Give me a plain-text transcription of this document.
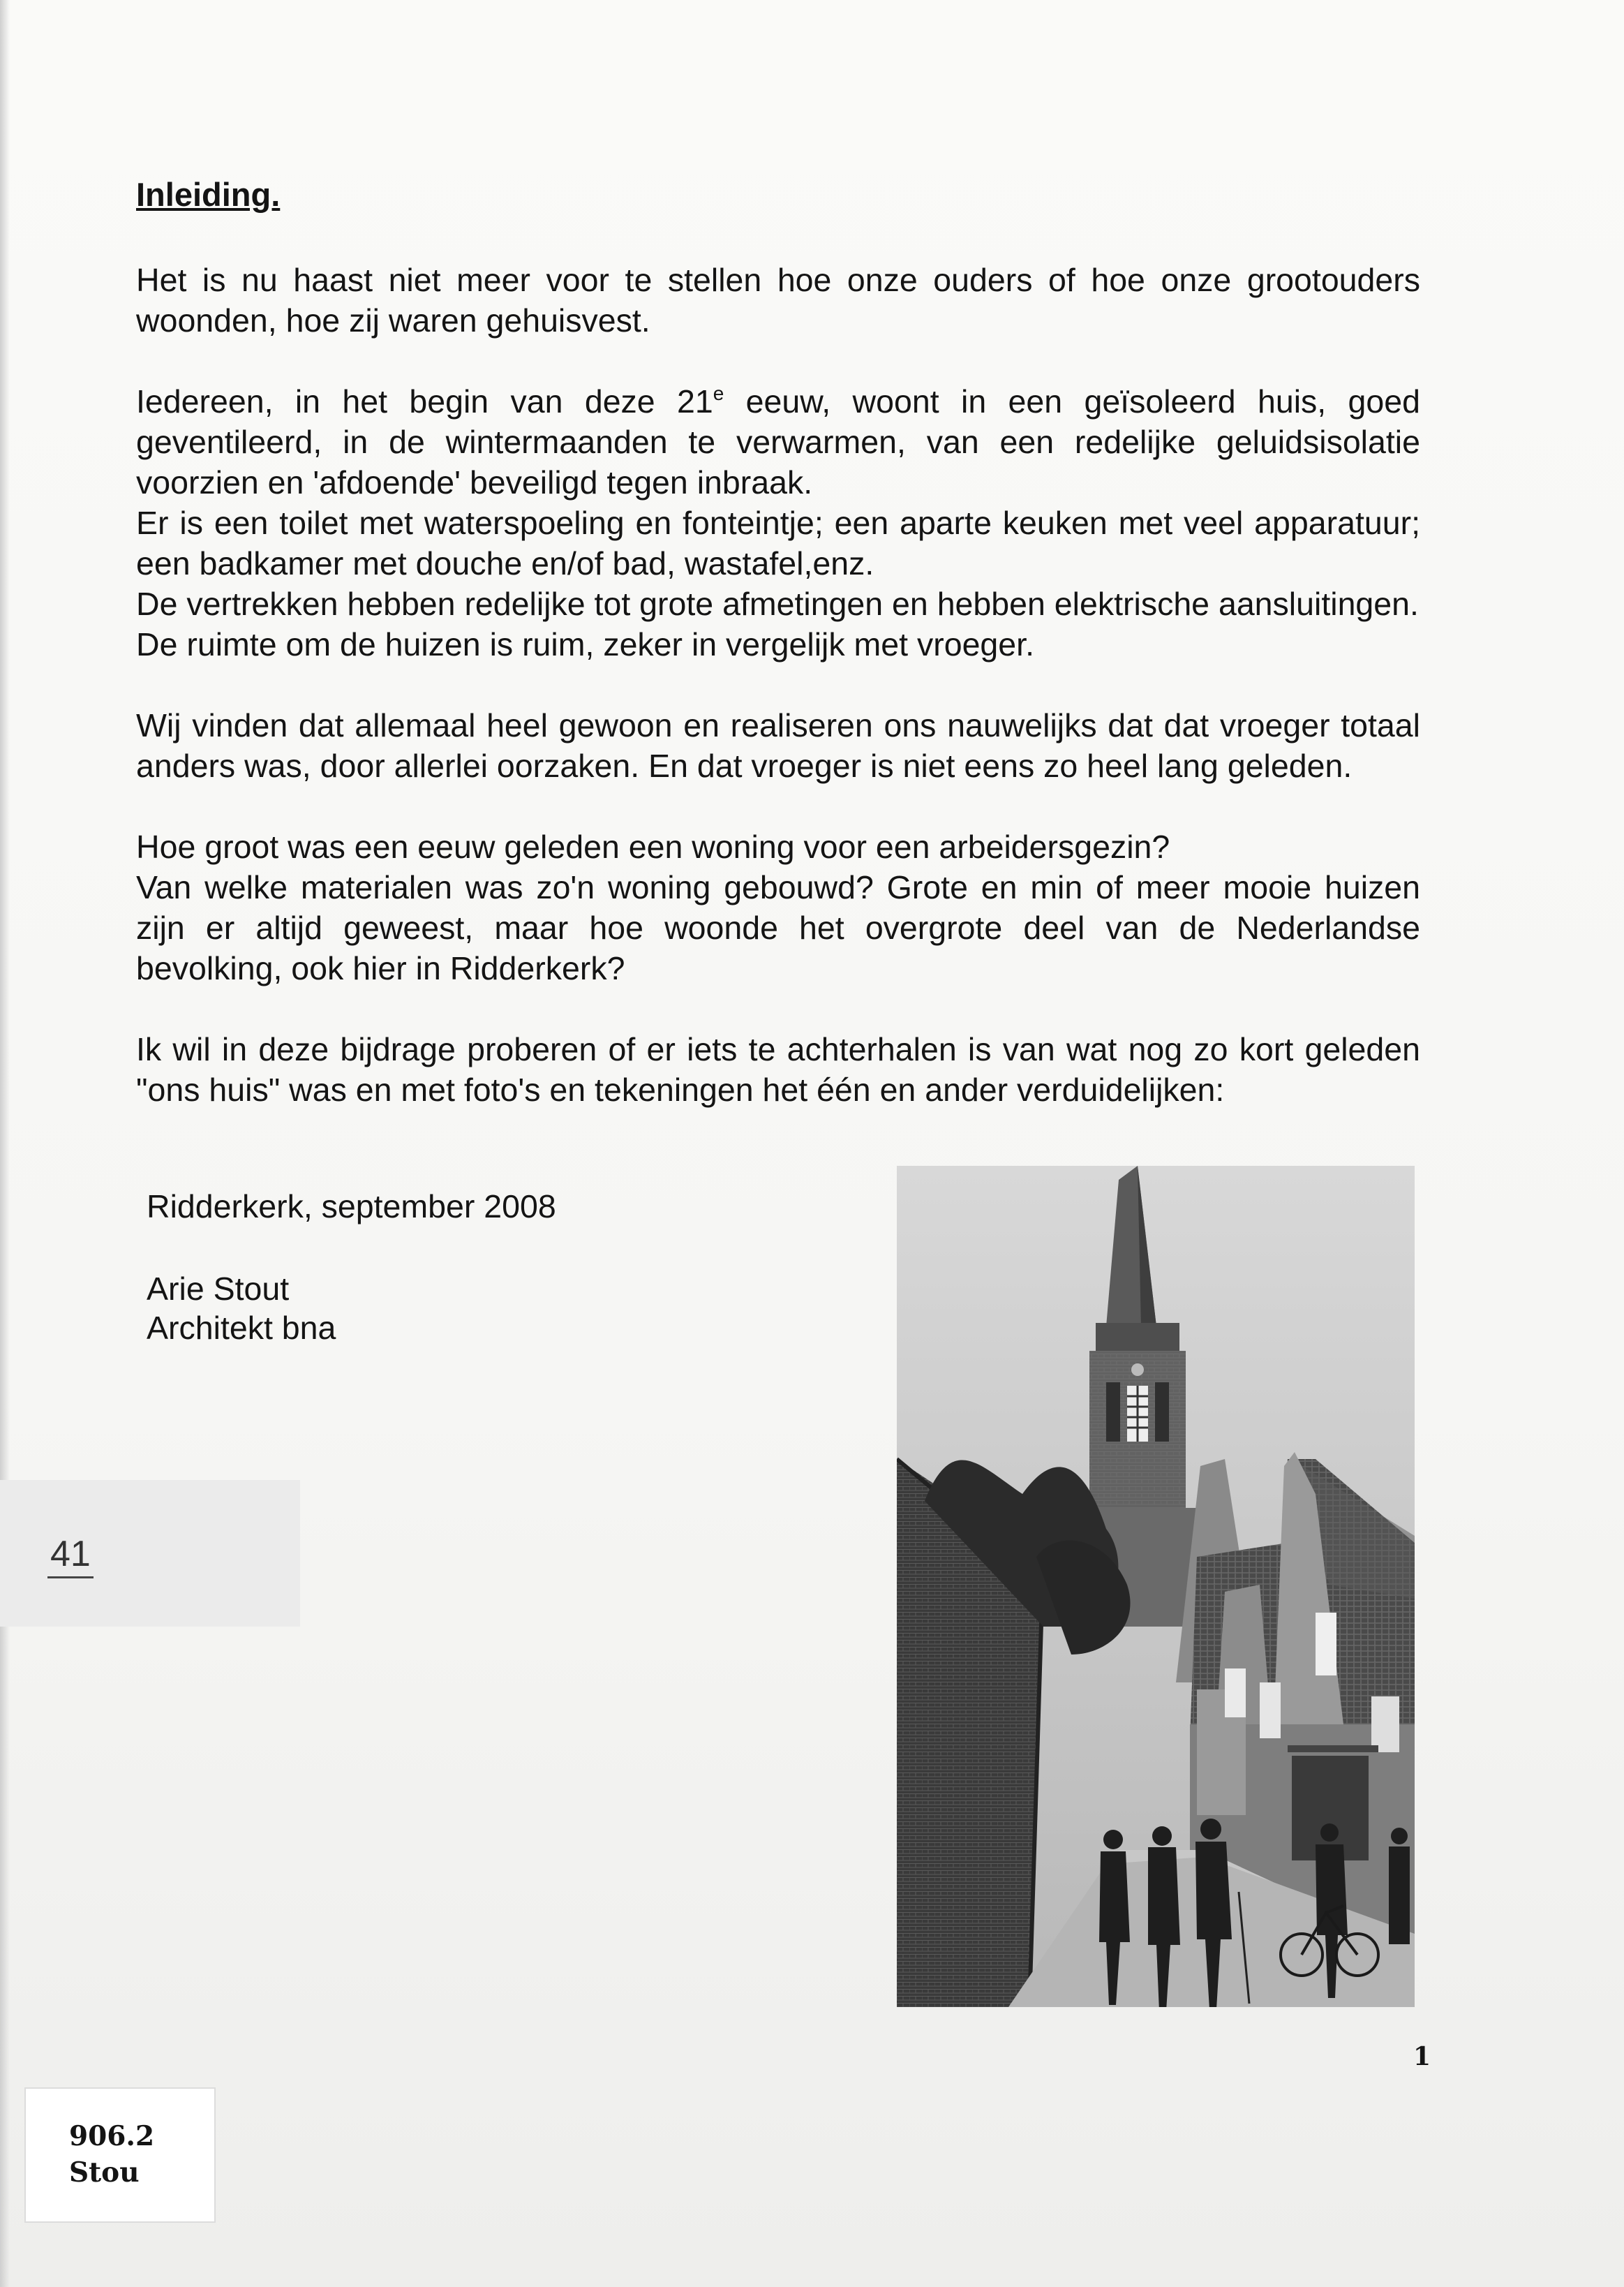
Inleiding.

Het is nu haast niet meer voor te stellen hoe onze ouders of hoe onze grootouders woonden, hoe zij waren gehuisvest.

Iedereen, in het begin van deze 21e eeuw, woont in een geïsoleerd huis, goed geventileerd, in de wintermaanden te verwarmen, van een redelijke geluidsisolatie voorzien en 'afdoende' beveiligd tegen inbraak.

Er is een toilet met waterspoeling en fonteintje; een aparte keuken met veel apparatuur; een badkamer met douche en/of bad, wastafel,enz.

De vertrekken hebben redelijke tot grote afmetingen en hebben elektrische aansluitingen.

De ruimte om de huizen is ruim, zeker in vergelijk met vroeger.

Wij vinden dat allemaal heel gewoon en realiseren ons nauwelijks dat dat vroeger totaal anders was, door allerlei oorzaken. En dat vroeger is niet eens zo heel lang geleden.

Hoe groot was een eeuw geleden een woning voor een arbeidersgezin?

Van welke materialen was zo'n woning gebouwd? Grote en min of meer mooie huizen zijn er altijd geweest, maar hoe woonde het overgrote deel van de Nederlandse bevolking, ook hier in Ridderkerk?

Ik wil in deze bijdrage proberen of er iets te achterhalen is van wat nog zo kort geleden "ons huis" was en met foto's en tekeningen het één en ander verduidelijken:

Ridderkerk, september 2008
Arie Stout
Architekt bna
41
906.2
Stou
1
